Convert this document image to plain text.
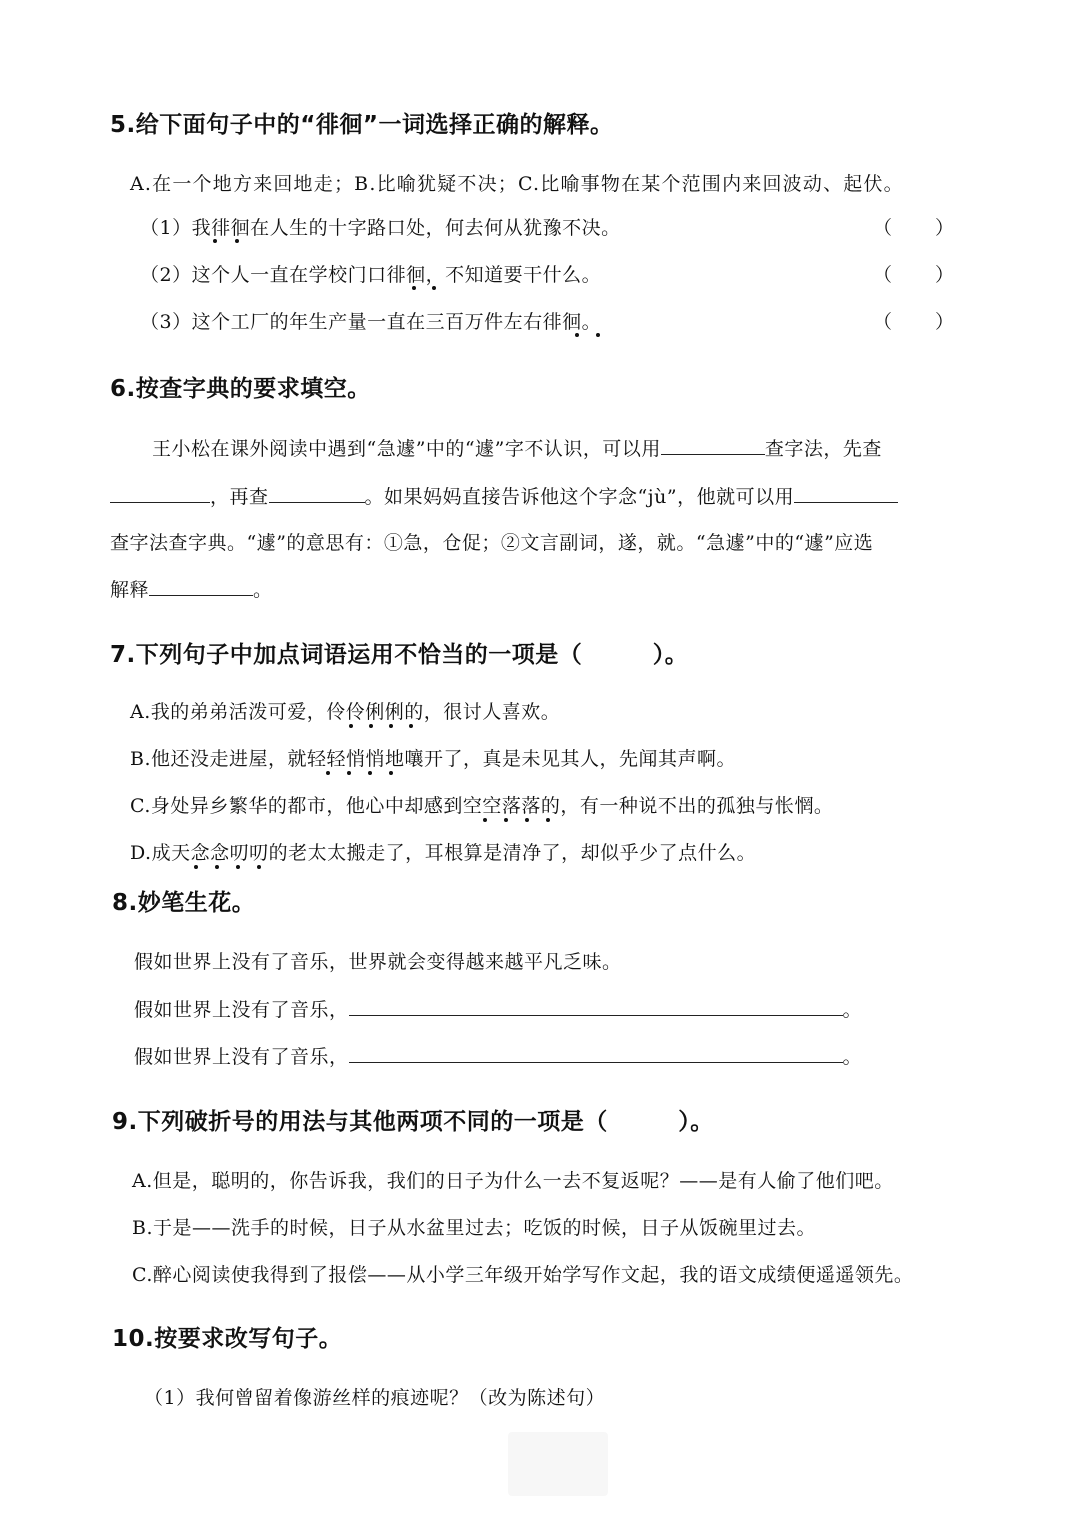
5.给下面句子中的“徘徊”一词选择正确的解释。
A.在一个地方来回地走；B.比喻犹疑不决；C.比喻事物在某个范围内来回波动、起伏。
（1）我徘徊在人生的十字路口处，何去何从犹豫不决。	（ ）
（2）这个人一直在学校门口徘徊，不知道要干什么。	（ ）
（3）这个工厂的年生产量一直在三百万件左右徘徊。	（ ）
6.按查字典的要求填空。
王小松在课外阅读中遇到“急遽”中的“遽”字不认识，可以用	查字法，先查
，再查	。如果妈妈直接告诉他这个字念“jù”，他就可以用
查字法查字典。“遽”的意思有：①急，仓促；②文言副词，遂，就。“急遽”中的“遽”应选
解释	。
7.下列句子中加点词语运用不恰当的一项是（　　　）。
A.我的弟弟活泼可爱，伶伶俐俐的，很讨人喜欢。
B.他还没走进屋，就轻轻悄悄地嚷开了，真是未见其人，先闻其声啊。
C.身处异乡繁华的都市，他心中却感到空空落落的，有一种说不出的孤独与怅惘。
D.成天念念叨叨的老太太搬走了，耳根算是清净了，却似乎少了点什么。
8.妙笔生花。
假如世界上没有了音乐，世界就会变得越来越平凡乏味。
假如世界上没有了音乐，	。
假如世界上没有了音乐，	。
9.下列破折号的用法与其他两项不同的一项是（　　　）。
A.但是，聪明的，你告诉我，我们的日子为什么一去不复返呢？——是有人偷了他们吧。
B.于是——洗手的时候，日子从水盆里过去；吃饭的时候，日子从饭碗里过去。
C.醉心阅读使我得到了报偿——从小学三年级开始学写作文起，我的语文成绩便遥遥领先。
10.按要求改写句子。
（1）我何曾留着像游丝样的痕迹呢？（改为陈述句）
